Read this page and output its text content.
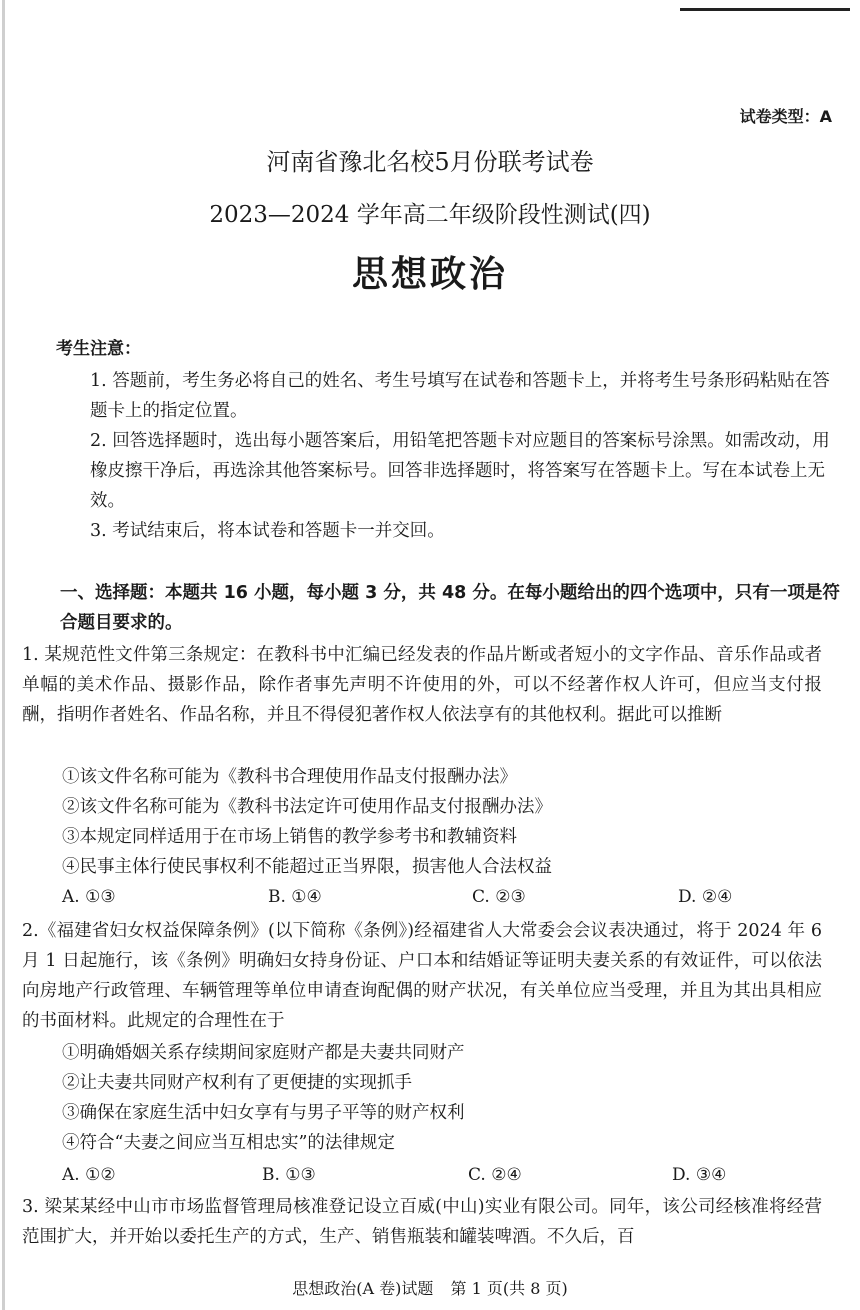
试卷类型：A
河南省豫北名校5月份联考试卷
2023—2024 学年高二年级阶段性测试(四)
思想政治
考生注意：
1. 答题前，考生务必将自己的姓名、考生号填写在试卷和答题卡上，并将考生号条形码粘贴在答题卡上的指定位置。
2. 回答选择题时，选出每小题答案后，用铅笔把答题卡对应题目的答案标号涂黑。如需改动，用橡皮擦干净后，再选涂其他答案标号。回答非选择题时，将答案写在答题卡上。写在本试卷上无效。
3. 考试结束后，将本试卷和答题卡一并交回。
一、选择题：本题共 16 小题，每小题 3 分，共 48 分。在每小题给出的四个选项中，只有一项是符合题目要求的。
1. 某规范性文件第三条规定：在教科书中汇编已经发表的作品片断或者短小的文字作品、音乐作品或者单幅的美术作品、摄影作品，除作者事先声明不许使用的外，可以不经著作权人许可，但应当支付报酬，指明作者姓名、作品名称，并且不得侵犯著作权人依法享有的其他权利。据此可以推断
①该文件名称可能为《教科书合理使用作品支付报酬办法》
②该文件名称可能为《教科书法定许可使用作品支付报酬办法》
③本规定同样适用于在市场上销售的教学参考书和教辅资料
④民事主体行使民事权利不能超过正当界限，损害他人合法权益
A. ①③	B. ①④	C. ②③	D. ②④
2.《福建省妇女权益保障条例》(以下简称《条例》)经福建省人大常委会会议表决通过，将于 2024 年 6 月 1 日起施行，该《条例》明确妇女持身份证、户口本和结婚证等证明夫妻关系的有效证件，可以依法向房地产行政管理、车辆管理等单位申请查询配偶的财产状况，有关单位应当受理，并且为其出具相应的书面材料。此规定的合理性在于
①明确婚姻关系存续期间家庭财产都是夫妻共同财产
②让夫妻共同财产权利有了更便捷的实现抓手
③确保在家庭生活中妇女享有与男子平等的财产权利
④符合“夫妻之间应当互相忠实”的法律规定
A. ①②	B. ①③	C. ②④	D. ③④
3. 梁某某经中山市市场监督管理局核准登记设立百威(中山)实业有限公司。同年，该公司经核准将经营范围扩大，并开始以委托生产的方式，生产、销售瓶装和罐装啤酒。不久后，百
思想政治(A 卷)试题 第 1 页(共 8 页)
